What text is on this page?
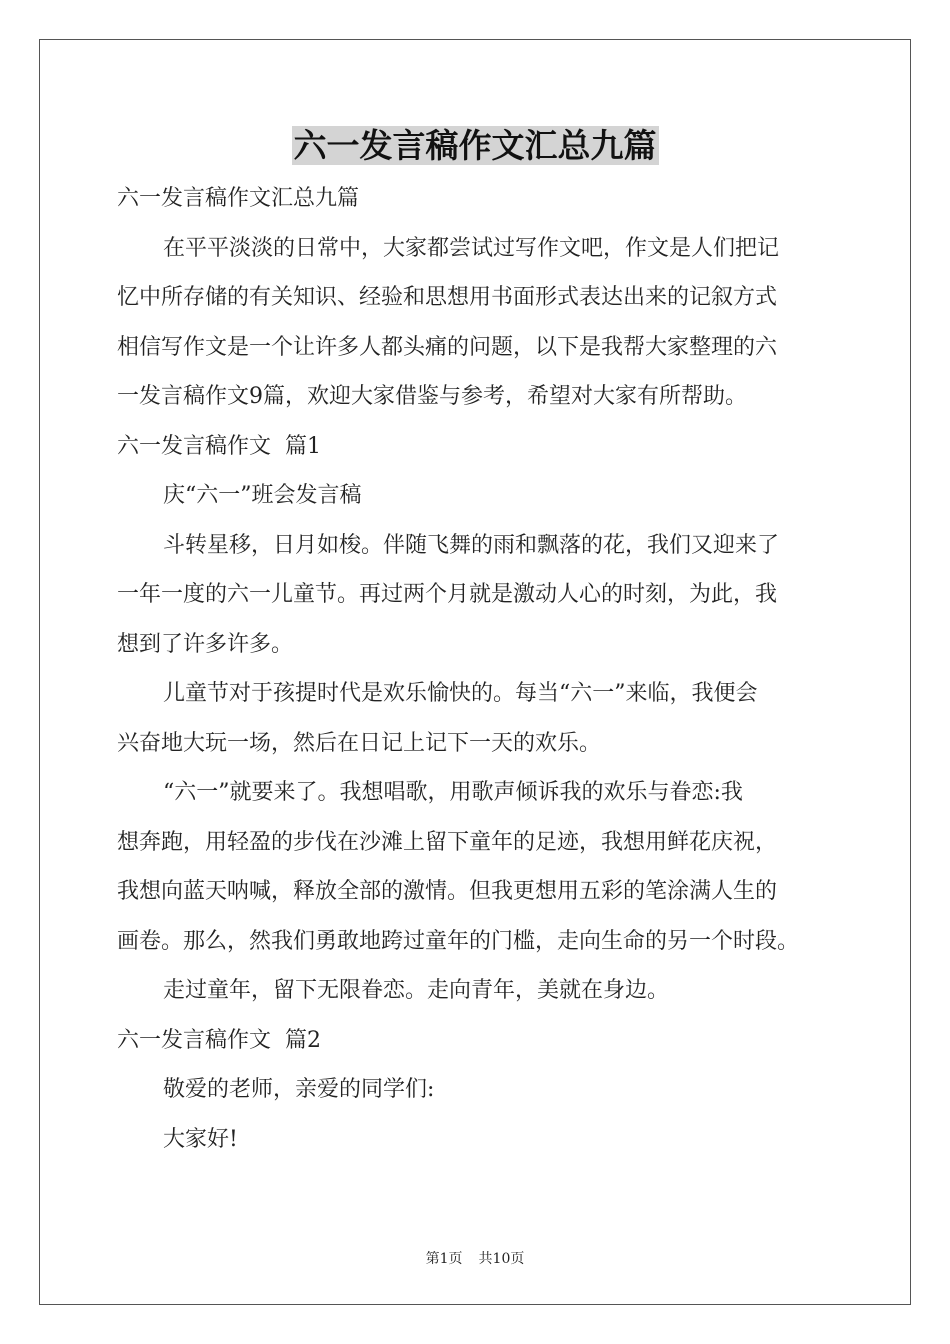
六一发言稿作文汇总九篇

六一发言稿作文汇总九篇

在平平淡淡的日常中，大家都尝试过写作文吧，作文是人们把记

忆中所存储的有关知识、经验和思想用书面形式表达出来的记叙方式

相信写作文是一个让许多人都头痛的问题，以下是我帮大家整理的六

一发言稿作文9篇，欢迎大家借鉴与参考，希望对大家有所帮助。

六一发言稿作文  篇1

庆“六一”班会发言稿

斗转星移，日月如梭。伴随飞舞的雨和飘落的花，我们又迎来了

一年一度的六一儿童节。再过两个月就是激动人心的时刻，为此，我

想到了许多许多。

儿童节对于孩提时代是欢乐愉快的。每当“六一”来临，我便会

兴奋地大玩一场，然后在日记上记下一天的欢乐。

“六一”就要来了。我想唱歌，用歌声倾诉我的欢乐与眷恋:我

想奔跑，用轻盈的步伐在沙滩上留下童年的足迹，我想用鲜花庆祝，

我想向蓝天呐喊，释放全部的激情。但我更想用五彩的笔涂满人生的

画卷。那么，然我们勇敢地跨过童年的门槛，走向生命的另一个时段。

走过童年，留下无限眷恋。走向青年，美就在身边。

六一发言稿作文  篇2

敬爱的老师，亲爱的同学们:

大家好!

第1页 共10页
